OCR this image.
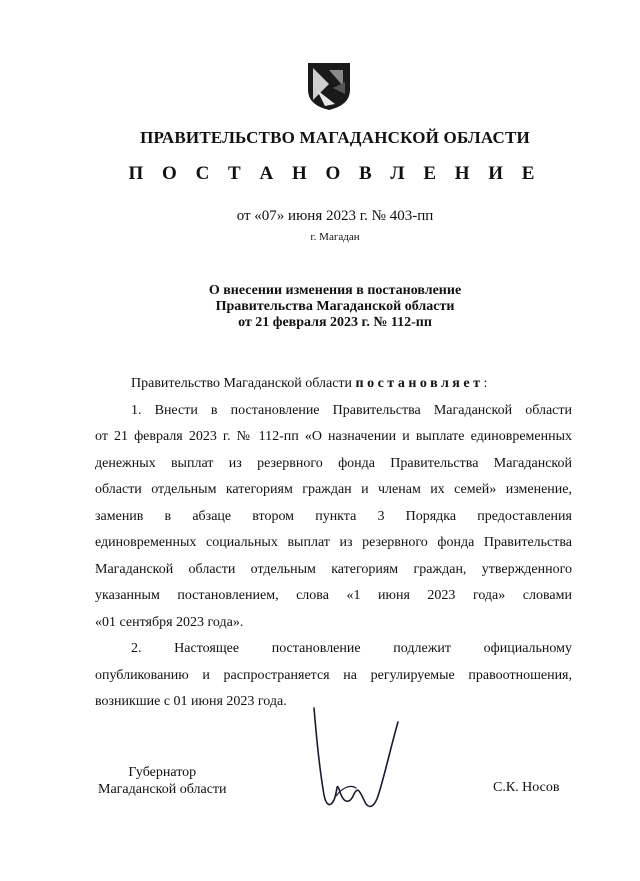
ПРАВИТЕЛЬСТВО МАГАДАНСКОЙ ОБЛАСТИ
П О С Т А Н О В Л Е Н И Е
от «07» июня 2023 г. № 403-пп
г. Магадан
О внесении изменения в постановление
Правительства Магаданской области
от 21 февраля 2023 г. № 112-пп
Правительство Магаданской области постановляет:
1. Внести в постановление Правительства Магаданской области
от 21 февраля 2023 г. № 112-пп «О назначении и выплате единовременных
денежных выплат из резервного фонда Правительства Магаданской
области отдельным категориям граждан и членам их семей» изменение,
заменив в абзаце втором пункта 3 Порядка предоставления
единовременных социальных выплат из резервного фонда Правительства
Магаданской области отдельным категориям граждан, утвержденного
указанным постановлением, слова «1 июня 2023 года» словами
«01 сентября 2023 года».
2. Настоящее постановление подлежит официальному
опубликованию и распространяется на регулируемые правоотношения,
возникшие с 01 июня 2023 года.
Губернатор
Магаданской области	С.К. Носов
